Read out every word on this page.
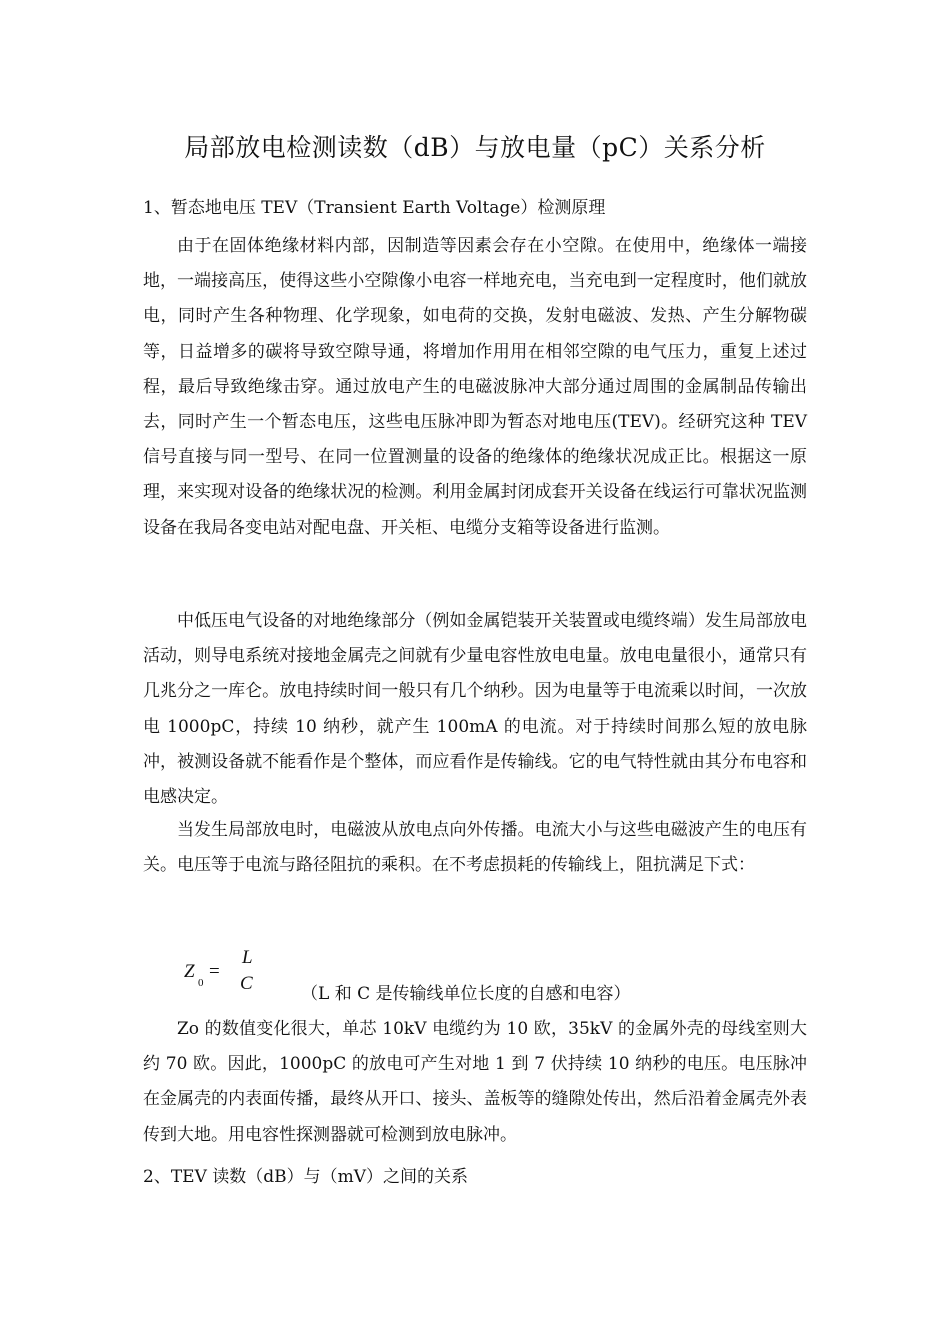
局部放电检测读数（dB）与放电量（pC）关系分析
1、暂态地电压 TEV（Transient Earth Voltage）检测原理
由于在固体绝缘材料内部，因制造等因素会存在小空隙。在使用中，绝缘体一端接地，一端接高压，使得这些小空隙像小电容一样地充电，当充电到一定程度时，他们就放电，同时产生各种物理、化学现象，如电荷的交换，发射电磁波、发热、产生分解物碳等，日益增多的碳将导致空隙导通，将增加作用用在相邻空隙的电气压力，重复上述过程，最后导致绝缘击穿。通过放电产生的电磁波脉冲大部分通过周围的金属制品传输出去，同时产生一个暂态电压，这些电压脉冲即为暂态对地电压(TEV)。经研究这种 TEV 信号直接与同一型号、在同一位置测量的设备的绝缘体的绝缘状况成正比。根据这一原理，来实现对设备的绝缘状况的检测。利用金属封闭成套开关设备在线运行可靠状况监测设备在我局各变电站对配电盘、开关柜、电缆分支箱等设备进行监测。
中低压电气设备的对地绝缘部分（例如金属铠装开关装置或电缆终端）发生局部放电活动，则导电系统对接地金属壳之间就有少量电容性放电电量。放电电量很小，通常只有几兆分之一库仑。放电持续时间一般只有几个纳秒。因为电量等于电流乘以时间，一次放电 1000pC，持续 10 纳秒，就产生 100mA 的电流。对于持续时间那么短的放电脉冲，被测设备就不能看作是个整体，而应看作是传输线。它的电气特性就由其分布电容和电感决定。
当发生局部放电时，电磁波从放电点向外传播。电流大小与这些电磁波产生的电压有关。电压等于电流与路径阻抗的乘积。在不考虑损耗的传输线上，阻抗满足下式：
Z
0
=
L
C	（L 和 C 是传输线单位长度的自感和电容）
Zo 的数值变化很大，单芯 10kV 电缆约为 10 欧，35kV 的金属外壳的母线室则大约 70 欧。因此，1000pC 的放电可产生对地 1 到 7 伏持续 10 纳秒的电压。电压脉冲在金属壳的内表面传播，最终从开口、接头、盖板等的缝隙处传出，然后沿着金属壳外表传到大地。用电容性探测器就可检测到放电脉冲。
2、TEV 读数（dB）与（mV）之间的关系
